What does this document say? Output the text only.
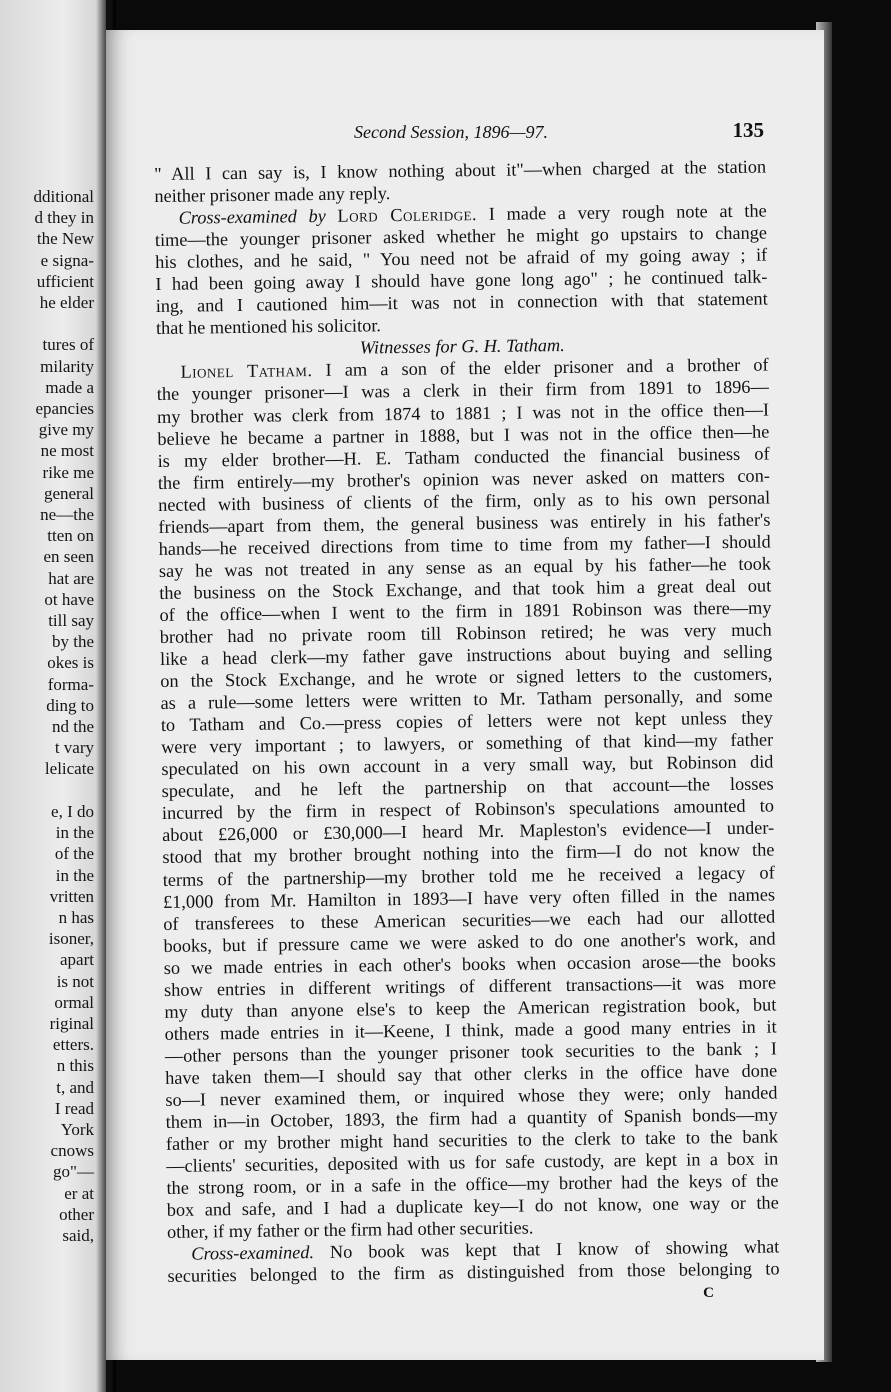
dditional
d they in
the New
e signa-
ufficient
he elder

tures of
milarity
made a
epancies
give my
ne most
rike me
general
ne—the
tten on
en seen
hat are
ot have
till say
by the
okes is
forma-
ding to
nd the
t vary
lelicate

e, I do
in the
of the
in the
vritten
n has
isoner,
apart
is not
ormal
riginal
etters.
n this
t, and
I read
York
cnows
go"—
er at
other
said,
Second Session, 1896—97.	135
" All I can say is, I know nothing about it"—when charged at the station
neither prisoner made any reply.
Cross-examined by Lord Coleridge. I made a very rough note at the
time—the younger prisoner asked whether he might go upstairs to change
his clothes, and he said, " You need not be afraid of my going away ; if
I had been going away I should have gone long ago" ; he continued talk-
ing, and I cautioned him—it was not in connection with that statement
that he mentioned his solicitor.
Witnesses for G. H. Tatham.
Lionel Tatham. I am a son of the elder prisoner and a brother of
the younger prisoner—I was a clerk in their firm from 1891 to 1896—
my brother was clerk from 1874 to 1881 ; I was not in the office then—I
believe he became a partner in 1888, but I was not in the office then—he
is my elder brother—H. E. Tatham conducted the financial business of
the firm entirely—my brother's opinion was never asked on matters con-
nected with business of clients of the firm, only as to his own personal
friends—apart from them, the general business was entirely in his father's
hands—he received directions from time to time from my father—I should
say he was not treated in any sense as an equal by his father—he took
the business on the Stock Exchange, and that took him a great deal out
of the office—when I went to the firm in 1891 Robinson was there—my
brother had no private room till Robinson retired; he was very much
like a head clerk—my father gave instructions about buying and selling
on the Stock Exchange, and he wrote or signed letters to the customers,
as a rule—some letters were written to Mr. Tatham personally, and some
to Tatham and Co.—press copies of letters were not kept unless they
were very important ; to lawyers, or something of that kind—my father
speculated on his own account in a very small way, but Robinson did
speculate, and he left the partnership on that account—the losses
incurred by the firm in respect of Robinson's speculations amounted to
about £26,000 or £30,000—I heard Mr. Mapleston's evidence—I under-
stood that my brother brought nothing into the firm—I do not know the
terms of the partnership—my brother told me he received a legacy of
£1,000 from Mr. Hamilton in 1893—I have very often filled in the names
of transferees to these American securities—we each had our allotted
books, but if pressure came we were asked to do one another's work, and
so we made entries in each other's books when occasion arose—the books
show entries in different writings of different transactions—it was more
my duty than anyone else's to keep the American registration book, but
others made entries in it—Keene, I think, made a good many entries in it
—other persons than the younger prisoner took securities to the bank ; I
have taken them—I should say that other clerks in the office have done
so—I never examined them, or inquired whose they were; only handed
them in—in October, 1893, the firm had a quantity of Spanish bonds—my
father or my brother might hand securities to the clerk to take to the bank
—clients' securities, deposited with us for safe custody, are kept in a box in
the strong room, or in a safe in the office—my brother had the keys of the
box and safe, and I had a duplicate key—I do not know, one way or the
other, if my father or the firm had other securities.
Cross-examined. No book was kept that I know of showing what
securities belonged to the firm as distinguished from those belonging to
C
